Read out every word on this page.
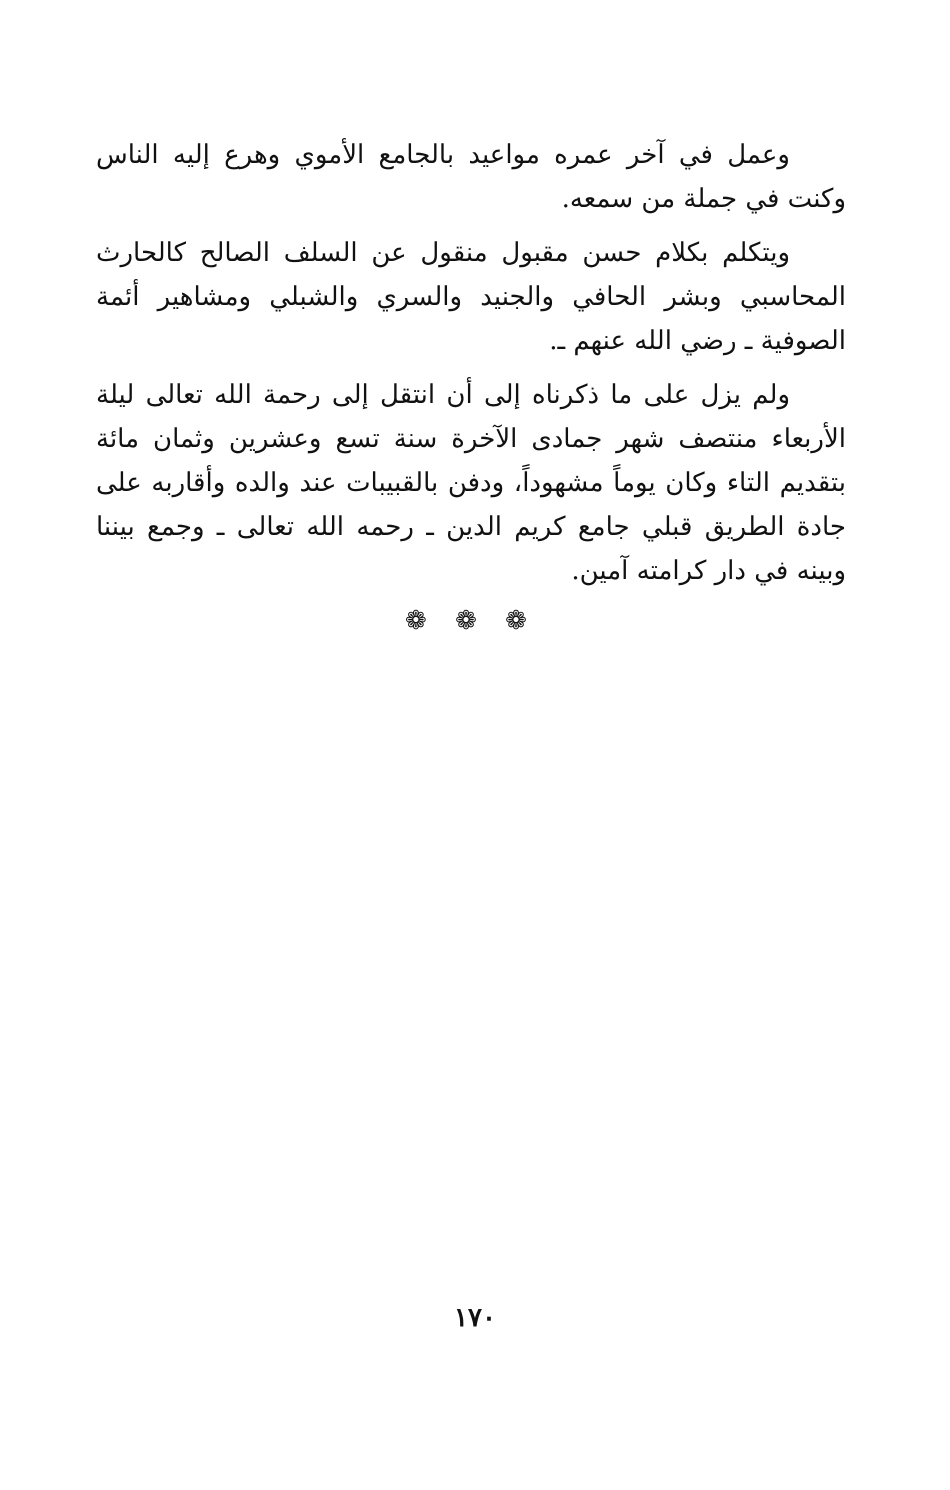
وعمل في آخر عمره مواعيد بالجامع الأموي وهرع إليه الناس وكنت في جملة من سمعه.

ويتكلم بكلام حسن مقبول منقول عن السلف الصالح كالحارث المحاسبي وبشر الحافي والجنيد والسري والشبلي ومشاهير أئمة الصوفية ـ رضي الله عنهم ـ.

ولم يزل على ما ذكرناه إلى أن انتقل إلى رحمة الله تعالى ليلة الأربعاء منتصف شهر جمادى الآخرة سنة تسع وعشرين وثمان مائة بتقديم التاء وكان يوماً مشهوداً، ودفن بالقبيبات عند والده وأقاربه على جادة الطريق قبلي جامع كريم الدين ـ رحمه الله تعالى ـ وجمع بيننا وبينه في دار كرامته آمين.

❁ ❁ ❁
١٧٠
